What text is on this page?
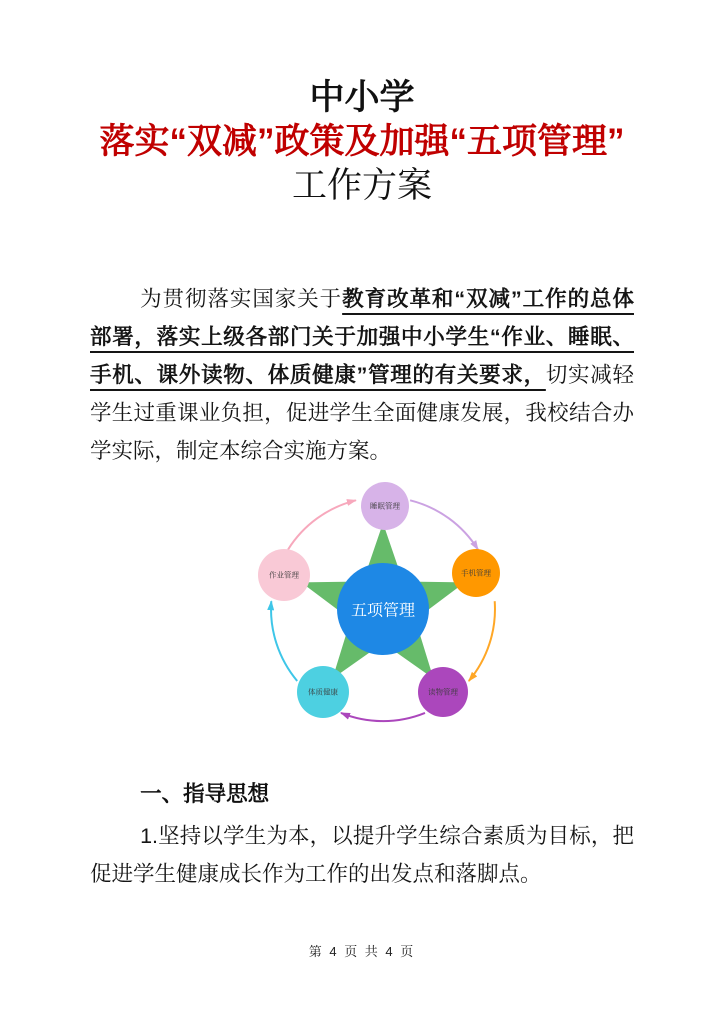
中小学
落实“双减”政策及加强“五项管理”
工作方案

为贯彻落实国家关于教育改革和“双减”工作的总体部署，落实上级各部门关于加强中小学生“作业、睡眠、手机、课外读物、体质健康”管理的有关要求，切实减轻学生过重课业负担，促进学生全面健康发展，我校结合办学实际，制定本综合实施方案。

睡眠管理
手机管理
读物管理
体质健康
作业管理
五项管理

一、指导思想

1.坚持以学生为本，以提升学生综合素质为目标，把促进学生健康成长作为工作的出发点和落脚点。

第 4 页 共 4 页
